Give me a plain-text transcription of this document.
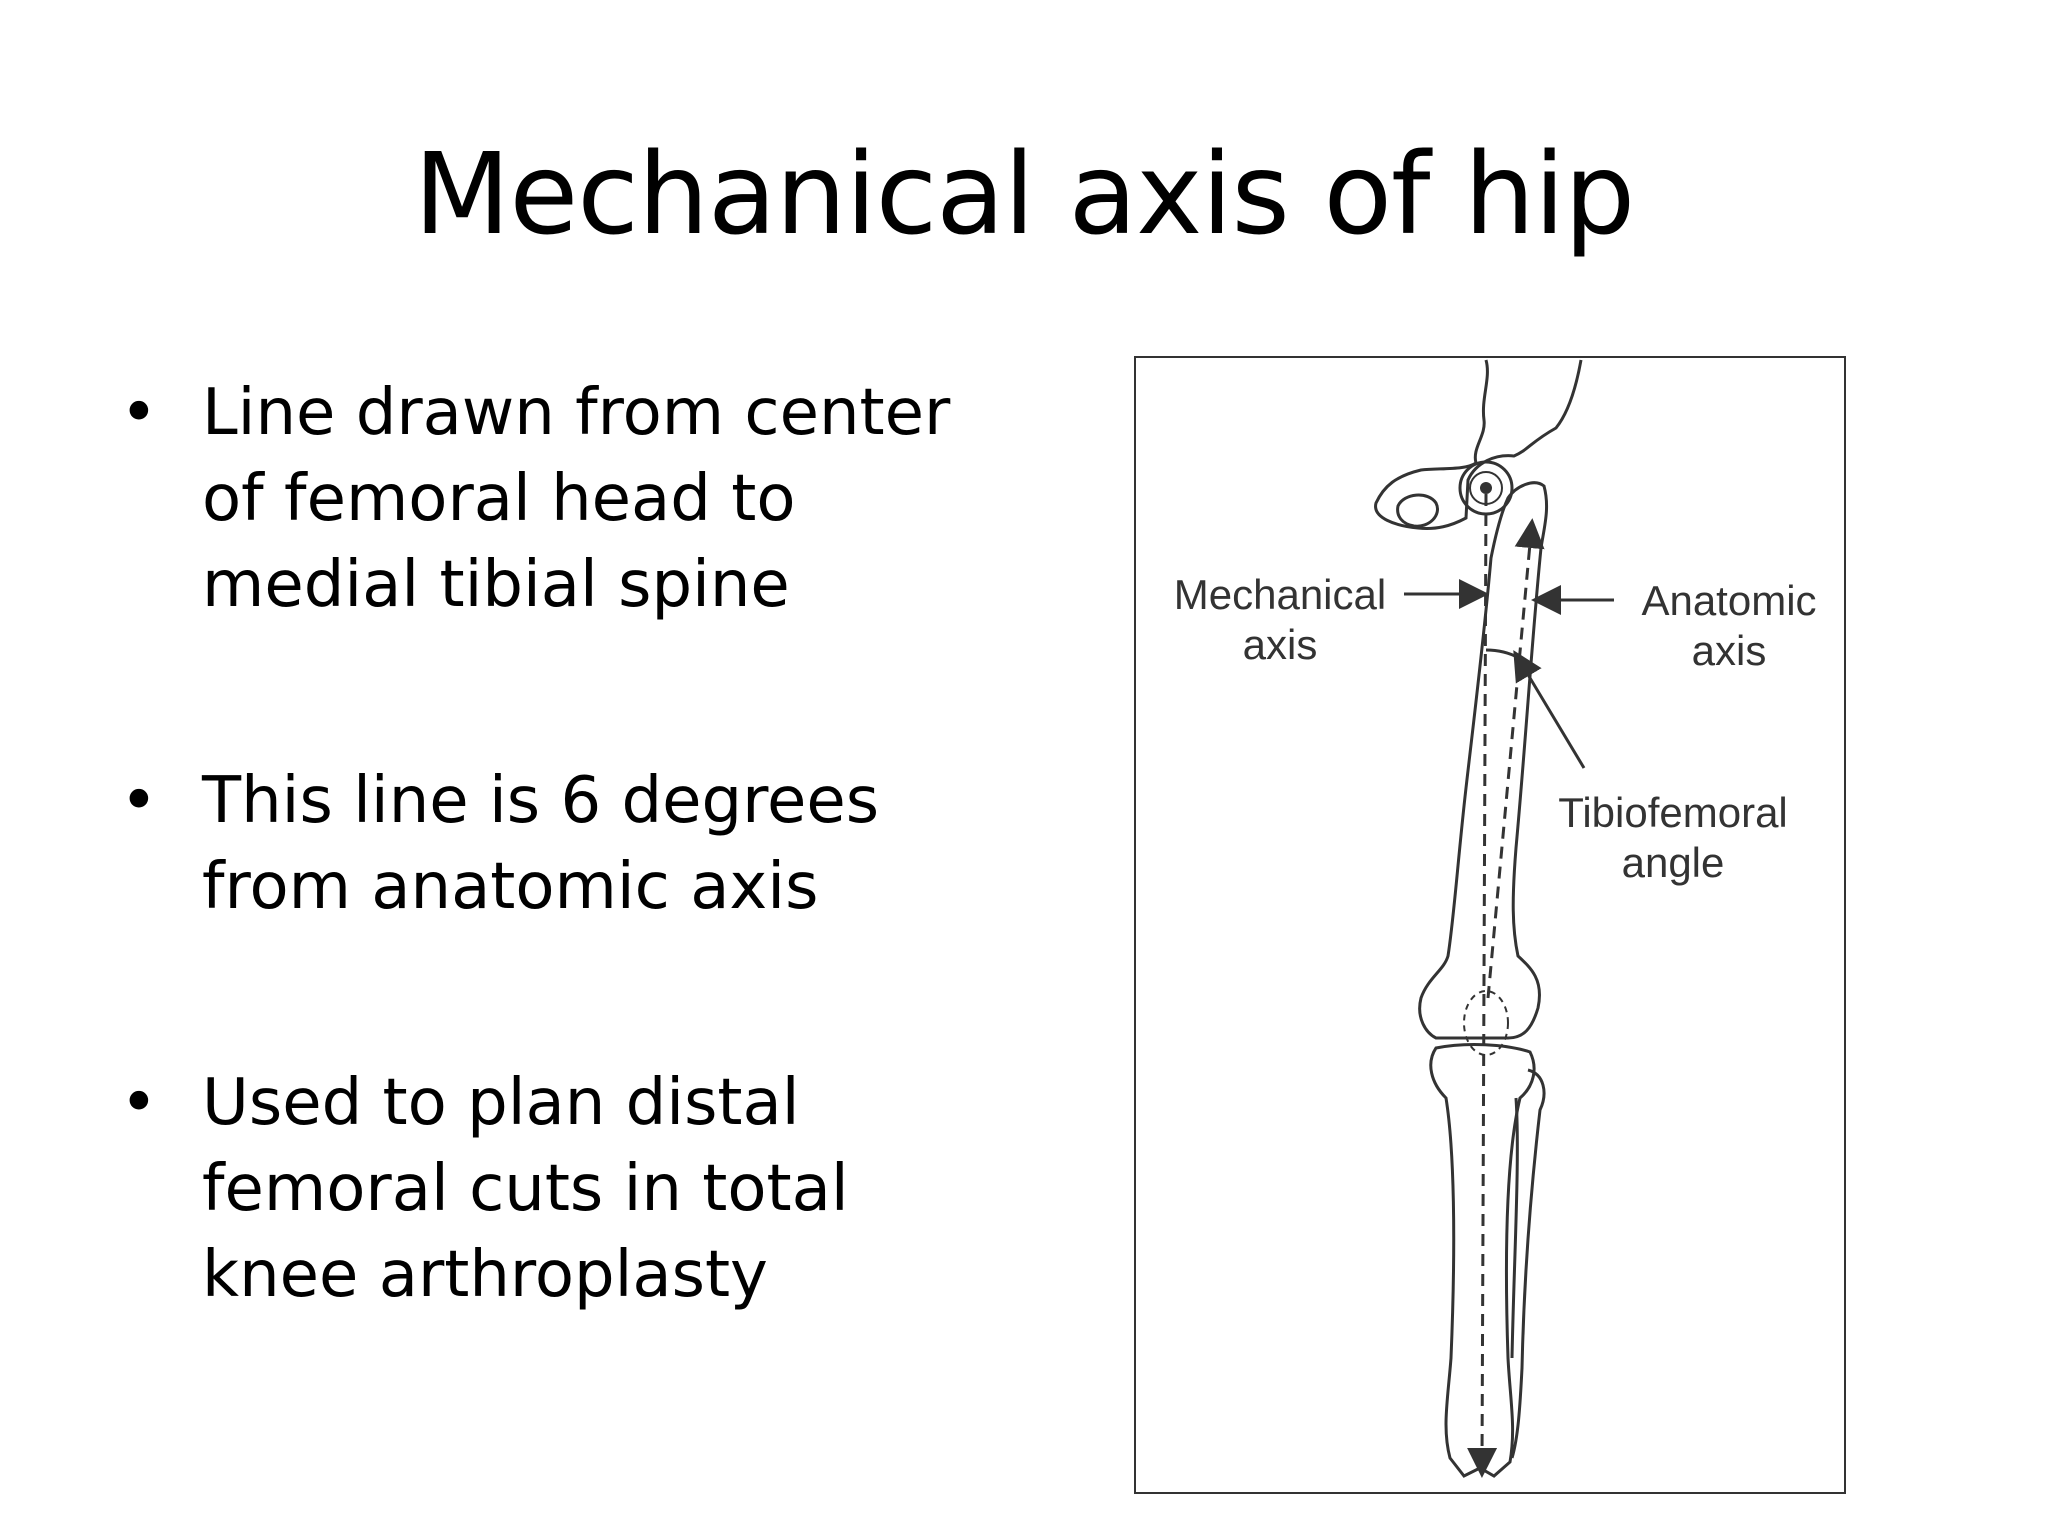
Mechanical axis of hip
• Line drawn from center
of femoral head to
medial tibial spine
• This line is 6 degrees
from anatomic axis
• Used to plan distal
femoral cuts in total
knee arthroplasty
Mechanical
axis
Anatomic
axis
Tibiofemoral
angle
